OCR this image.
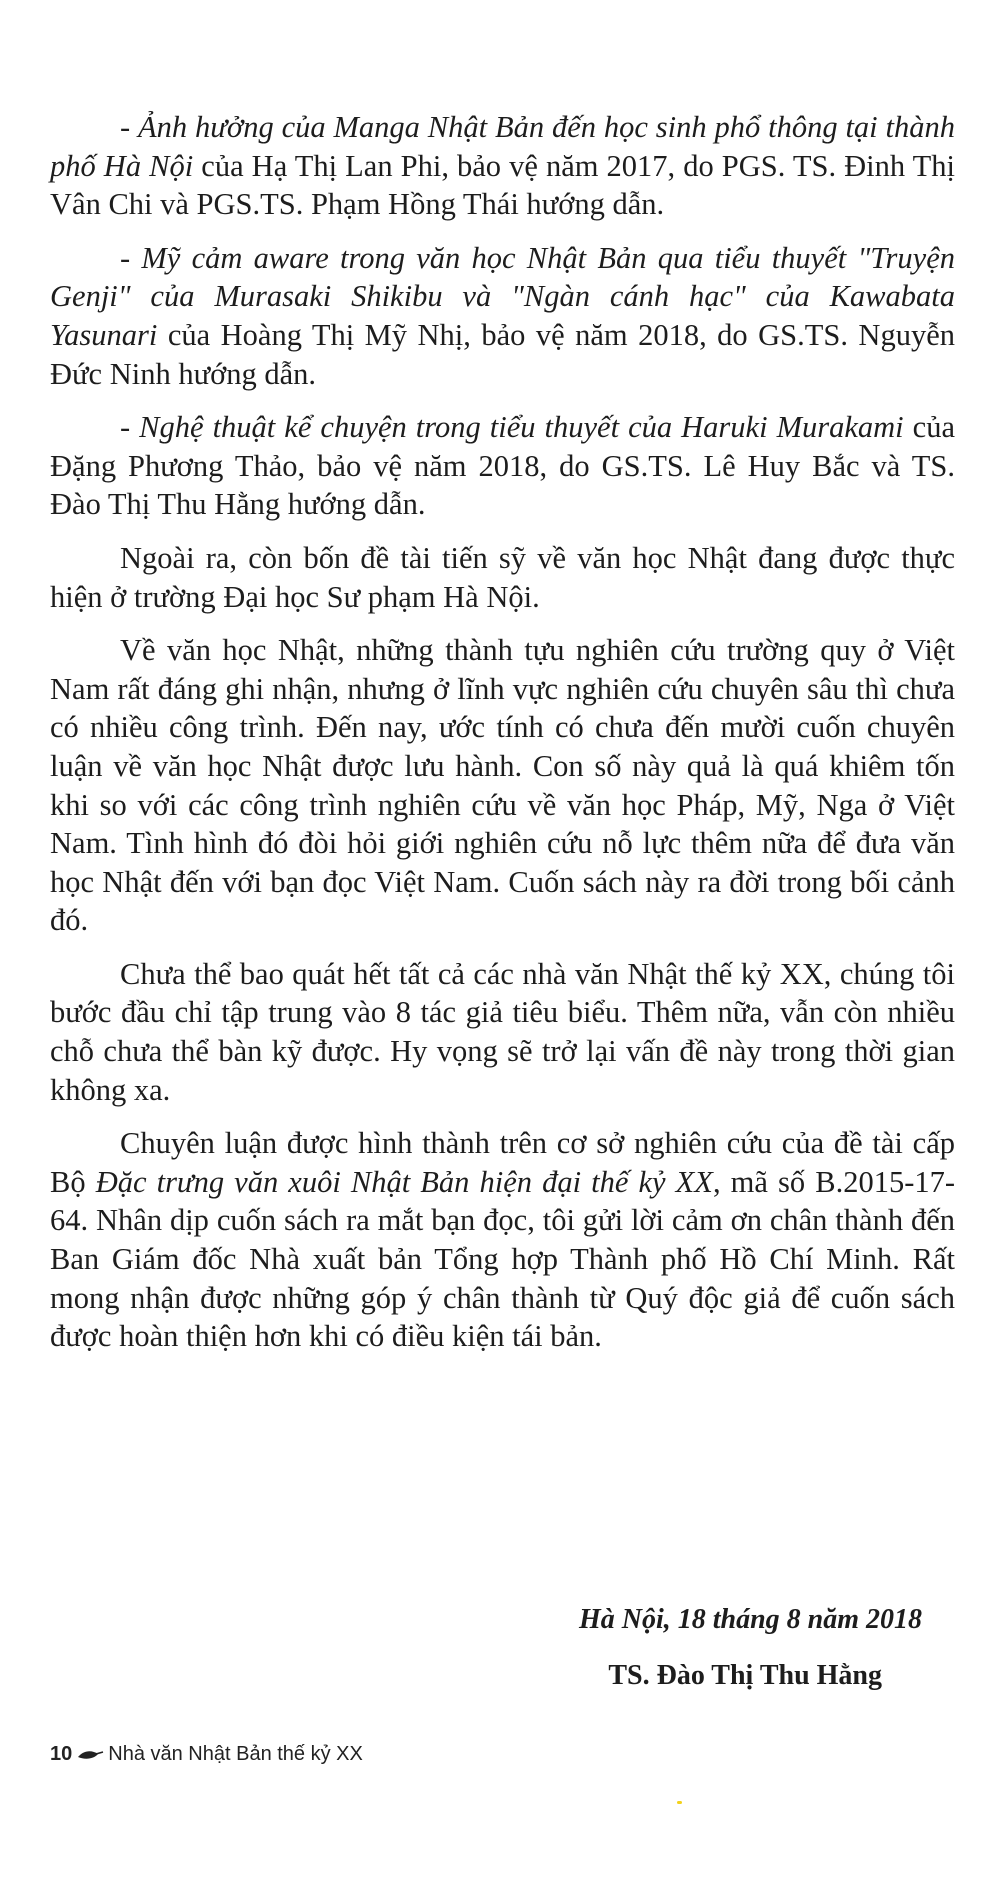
- Ảnh hưởng của Manga Nhật Bản đến học sinh phổ thông tại thành phố Hà Nội của Hạ Thị Lan Phi, bảo vệ năm 2017, do PGS. TS. Đinh Thị Vân Chi và PGS.TS. Phạm Hồng Thái hướng dẫn.

- Mỹ cảm aware trong văn học Nhật Bản qua tiểu thuyết "Truyện Genji" của Murasaki Shikibu và "Ngàn cánh hạc" của Kawabata Yasunari của Hoàng Thị Mỹ Nhị, bảo vệ năm 2018, do GS.TS. Nguyễn Đức Ninh hướng dẫn.

- Nghệ thuật kể chuyện trong tiểu thuyết của Haruki Murakami của Đặng Phương Thảo, bảo vệ năm 2018, do GS.TS. Lê Huy Bắc và TS. Đào Thị Thu Hằng hướng dẫn.

Ngoài ra, còn bốn đề tài tiến sỹ về văn học Nhật đang được thực hiện ở trường Đại học Sư phạm Hà Nội.

Về văn học Nhật, những thành tựu nghiên cứu trường quy ở Việt Nam rất đáng ghi nhận, nhưng ở lĩnh vực nghiên cứu chuyên sâu thì chưa có nhiều công trình. Đến nay, ước tính có chưa đến mười cuốn chuyên luận về văn học Nhật được lưu hành. Con số này quả là quá khiêm tốn khi so với các công trình nghiên cứu về văn học Pháp, Mỹ, Nga ở Việt Nam. Tình hình đó đòi hỏi giới nghiên cứu nỗ lực thêm nữa để đưa văn học Nhật đến với bạn đọc Việt Nam. Cuốn sách này ra đời trong bối cảnh đó.

Chưa thể bao quát hết tất cả các nhà văn Nhật thế kỷ XX, chúng tôi bước đầu chỉ tập trung vào 8 tác giả tiêu biểu. Thêm nữa, vẫn còn nhiều chỗ chưa thể bàn kỹ được. Hy vọng sẽ trở lại vấn đề này trong thời gian không xa.

Chuyên luận được hình thành trên cơ sở nghiên cứu của đề tài cấp Bộ Đặc trưng văn xuôi Nhật Bản hiện đại thế kỷ XX, mã số B.2015-17-64. Nhân dịp cuốn sách ra mắt bạn đọc, tôi gửi lời cảm ơn chân thành đến Ban Giám đốc Nhà xuất bản Tổng hợp Thành phố Hồ Chí Minh. Rất mong nhận được những góp ý chân thành từ Quý độc giả để cuốn sách được hoàn thiện hơn khi có điều kiện tái bản.

Hà Nội, 18 tháng 8 năm 2018
TS. Đào Thị Thu Hằng
10 Nhà văn Nhật Bản thế kỷ XX
